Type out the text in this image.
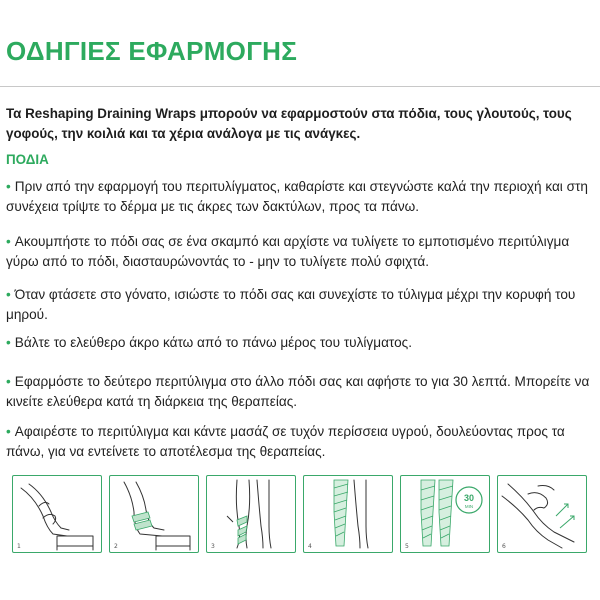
ΟΔΗΓΙΕΣ ΕΦΑΡΜΟΓΗΣ

Τα Reshaping Draining Wraps μπορούν να εφαρμοστούν στα πόδια, τους γλουτούς, τους γοφούς, την κοιλιά και τα χέρια ανάλογα με τις ανάγκες.

ΠΟΔΙΑ

• Πριν από την εφαρμογή του περιτυλίγματος, καθαρίστε και στεγνώστε καλά την περιοχή και στη συνέχεια τρίψτε το δέρμα με τις άκρες των δακτύλων, προς τα πάνω.

• Ακουμπήστε το πόδι σας σε ένα σκαμπό και αρχίστε να τυλίγετε το εμποτισμένο περιτύλιγμα γύρω από το πόδι, διασταυρώνοντάς το - μην το τυλίγετε πολύ σφιχτά.

• Όταν φτάσετε στο γόνατο, ισιώστε το πόδι σας και συνεχίστε το τύλιγμα μέχρι την κορυφή του μηρού.

• Βάλτε το ελεύθερο άκρο κάτω από το πάνω μέρος του τυλίγματος.

• Εφαρμόστε το δεύτερο περιτύλιγμα στο άλλο πόδι σας και αφήστε το για 30 λεπτά. Μπορείτε να κινείτε ελεύθερα κατά τη διάρκεια της θεραπείας.

• Αφαιρέστε το περιτύλιγμα και κάντε μασάζ σε τυχόν περίσσεια υγρού, δουλεύοντας προς τα πάνω, για να εντείνετε το αποτέλεσμα της θεραπείας.

1	2	3	4
30
MIN
5	6
